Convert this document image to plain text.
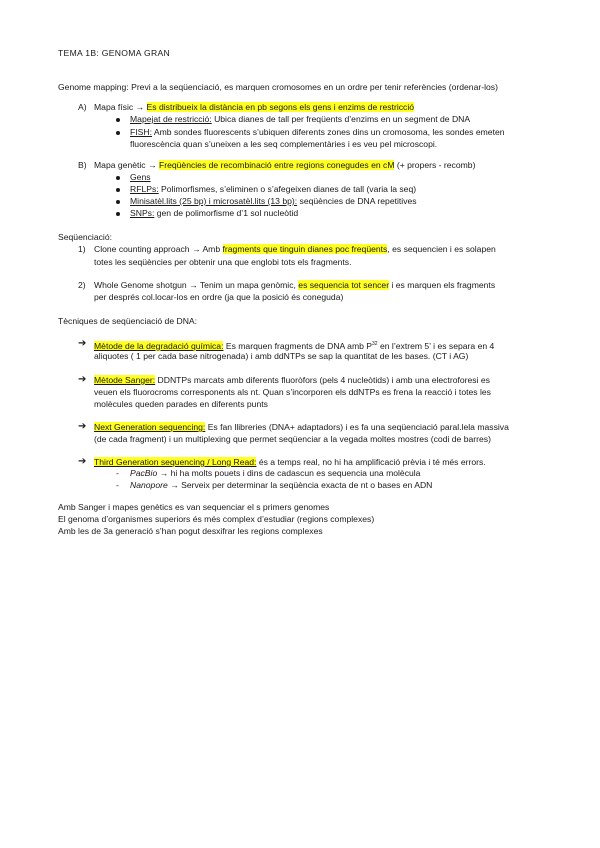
TEMA 1B: GENOMA GRAN
Genome mapping: Previ a la seqüenciació, es marquen cromosomes en un ordre per tenir referències (ordenar-los)
A) Mapa físic → Es distribueix la distància en pb segons els gens i enzims de restricció
Mapejat de restricció: Ubica dianes de tall per freqüents d’enzims en un segment de DNA
FISH: Amb sondes fluorescents s’ubiquen diferents zones dins un cromosoma, les sondes emeten
fluorescència quan s’uneixen a les seq complementàries i es veu pel microscopi.
B) Mapa genètic → Freqüències de recombinació entre regions conegudes en cM (+ propers - recomb)
Gens
RFLPs: Polimorfismes, s’eliminen o s’afegeixen dianes de tall (varia la seq)
Minisatèl.lits (25 bp) i microsatèl.lits (13 bp): seqüències de DNA repetitives
SNPs: gen de polimorfisme d’1 sol nucleòtid
Seqüenciació:
1) Clone counting approach → Amb fragments que tinguin dianes poc freqüents, es sequencien i es solapen
totes les seqüències per obtenir una que englobi tots els fragments.
2) Whole Genome shotgun → Tenim un mapa genòmic, es sequencia tot sencer i es marquen els fragments
per després col.locar-los en ordre (ja que la posició és coneguda)
Tècniques de seqüenciació de DNA:
➔ Mètode de la degradació química: Es marquen fragments de DNA amb $P^{32}$ en l’extrem 5’ i es separa en 4
aliquotes ( 1 per cada base nitrogenada) i amb ddNTPs se sap la quantitat de les bases. (CT i AG)
➔ Mètode Sanger: DDNTPs marcats amb diferents fluoròfors (pels 4 nucleòtids) i amb una electroforesi es
veuen els fluorocroms corresponents als nt. Quan s’incorporen els ddNTPs es frena la reacció i totes les
molècules queden parades en diferents punts
➔ Next Generation sequencing: Es fan llibreries (DNA+ adaptadors) i es fa una seqüenciació paral.lela massiva
(de cada fragment) i un multiplexing que permet seqüenciar a la vegada moltes mostres (codi de barres)
➔ Third Generation sequencing / Long Read: és a temps real, no hi ha amplificació prèvia i té més errors.
- PacBio → hi ha molts pouets i dins de cadascun es sequencia una molècula
- Nanopore → Serveix per determinar la seqüència exacta de nt o bases en ADN
Amb Sanger i mapes genètics es van sequenciar el s primers genomes
El genoma d’organismes superiors és més complex d’estudiar (regions complexes)
Amb les de 3a generació s’han pogut desxifrar les regions complexes
